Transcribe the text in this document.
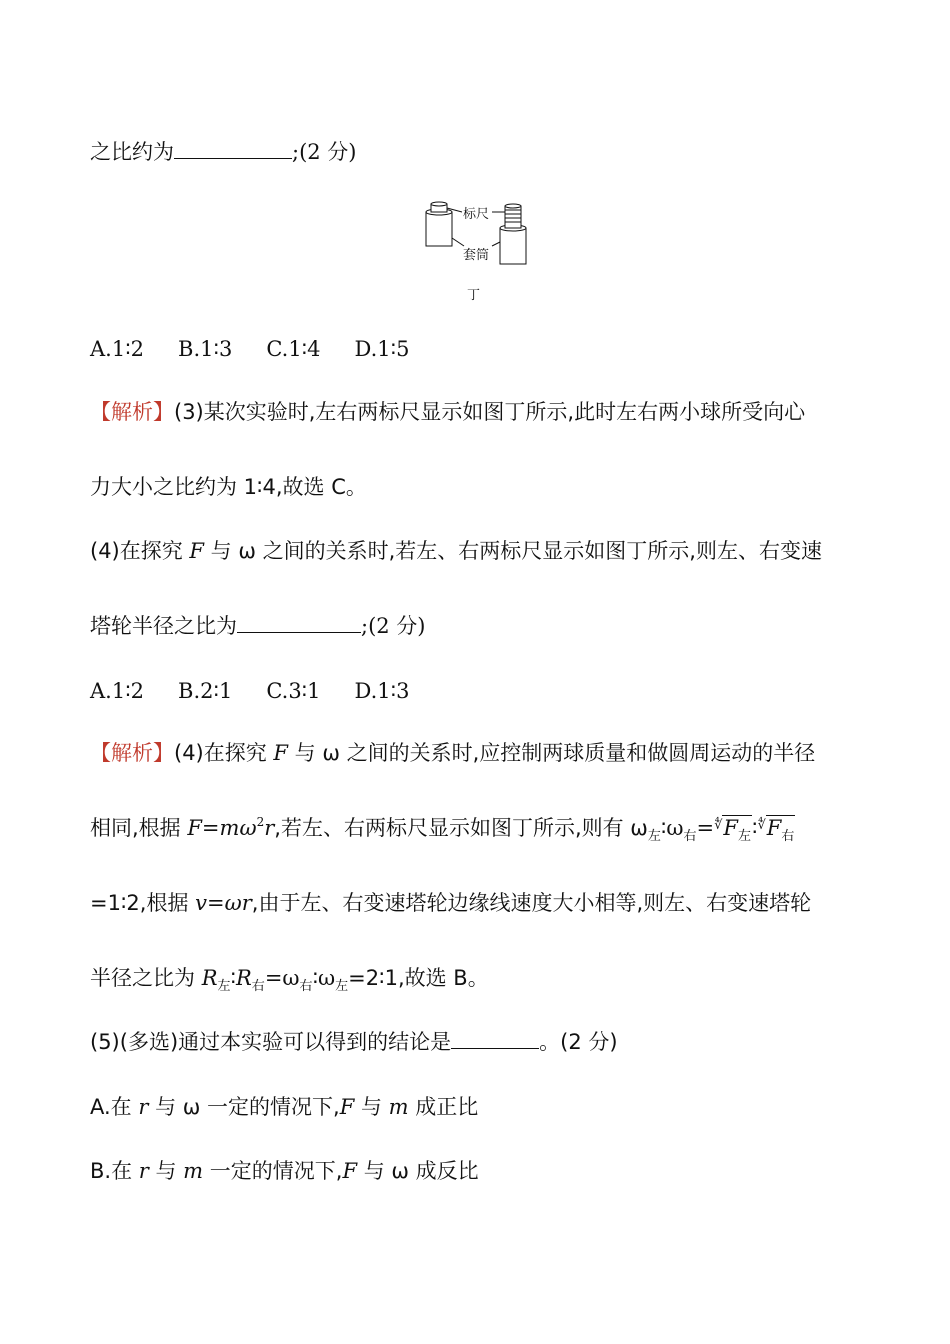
之比约为	;(2 分)
标尺
套筒
丁
A.1∶2 B.1∶3 C.1∶4 D.1∶5
【解析】(3)某次实验时,左右两标尺显示如图丁所示,此时左右两小球所受向心
力大小之比约为 1∶4,故选 C。
(4)在探究 F 与 ω 之间的关系时,若左、右两标尺显示如图丁所示,则左、右变速
塔轮半径之比为	;(2 分)
A.1∶2 B.2∶1 C.3∶1 D.1∶3
【解析】(4)在探究 F 与 ω 之间的关系时,应控制两球质量和做圆周运动的半径
相同,根据 $F=m\omega^2r$,若左、右两标尺显示如图丁所示,则有 $\omega_左∶\omega_右=^∜F_左∶^∜F_右$
=1∶2,根据 v=ωr,由于左、右变速塔轮边缘线速度大小相等,则左、右变速塔轮
半径之比为 $R_左∶R_右=\omega_右∶\omega_左=2∶1$,故选 B。
(5)(多选)通过本实验可以得到的结论是	。(2 分)
A.在 r 与 ω 一定的情况下,F 与 m 成正比
B.在 r 与 m 一定的情况下,F 与 ω 成反比
